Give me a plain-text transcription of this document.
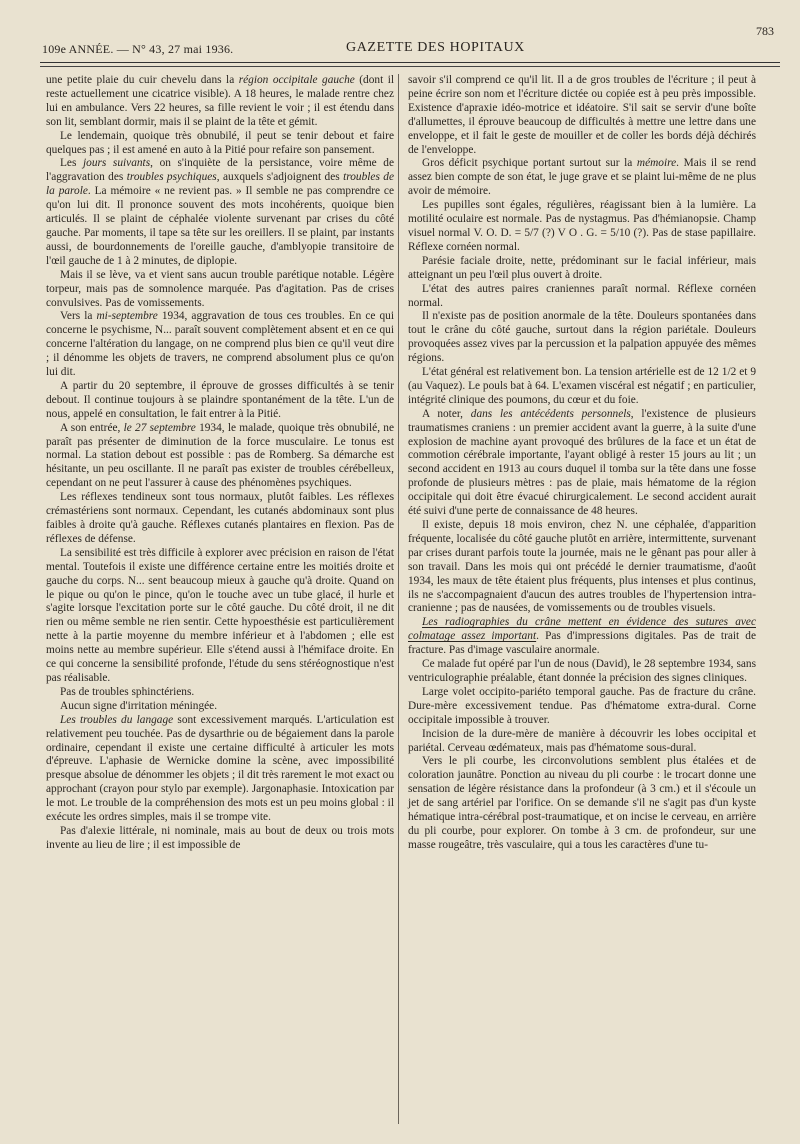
109e ANNÉE. — N° 43, 27 mai 1936.	GAZETTE DES HOPITAUX
783

une petite plaie du cuir chevelu dans la région occipitale gauche (dont il reste actuellement une cicatrice visible). A 18 heures, le malade rentre chez lui en ambulance. Vers 22 heures, sa fille revient le voir ; il est étendu dans son lit, semblant dormir, mais il se plaint de la tête et gémit.

Le lendemain, quoique très obnubilé, il peut se tenir debout et faire quelques pas ; il est amené en auto à la Pitié pour refaire son pansement.

Les jours suivants, on s'inquiète de la persistance, voire même de l'aggravation des troubles psychiques, auxquels s'adjoignent des troubles de la parole. La mémoire « ne revient pas. » Il semble ne pas comprendre ce qu'on lui dit. Il prononce souvent des mots incohérents, quoique bien articulés. Il se plaint de céphalée violente survenant par crises du côté gauche. Par moments, il tape sa tête sur les oreillers. Il se plaint, par instants aussi, de bourdonnements de l'oreille gauche, d'amblyopie transitoire de l'œil gauche de 1 à 2 minutes, de diplopie.

Mais il se lève, va et vient sans aucun trouble parétique notable. Légère torpeur, mais pas de somnolence marquée. Pas d'agitation. Pas de crises convulsives. Pas de vomissements.

Vers la mi-septembre 1934, aggravation de tous ces troubles. En ce qui concerne le psychisme, N... paraît souvent complètement absent et en ce qui concerne l'altération du langage, on ne comprend plus bien ce qu'il veut dire ; il dénomme les objets de travers, ne comprend absolument plus ce qu'on lui dit.

A partir du 20 septembre, il éprouve de grosses difficultés à se tenir debout. Il continue toujours à se plaindre spontanément de la tête. L'un de nous, appelé en consultation, le fait entrer à la Pitié.

A son entrée, le 27 septembre 1934, le malade, quoique très obnubilé, ne paraît pas présenter de diminution de la force musculaire. Le tonus est normal. La station debout est possible : pas de Romberg. Sa démarche est hésitante, un peu oscillante. Il ne paraît pas exister de troubles cérébelleux, cependant on ne peut l'assurer à cause des phénomènes psychiques.

Les réflexes tendineux sont tous normaux, plutôt faibles. Les réflexes crémastériens sont normaux. Cependant, les cutanés abdominaux sont plus faibles à droite qu'à gauche. Réflexes cutanés plantaires en flexion. Pas de réflexes de défense.

La sensibilité est très difficile à explorer avec précision en raison de l'état mental. Toutefois il existe une différence certaine entre les moitiés droite et gauche du corps. N... sent beaucoup mieux à gauche qu'à droite. Quand on le pique ou qu'on le pince, qu'on le touche avec un tube glacé, il hurle et s'agite lorsque l'excitation porte sur le côté gauche. Du côté droit, il ne dit rien ou même semble ne rien sentir. Cette hypoesthésie est particulièrement nette à la partie moyenne du membre inférieur et à l'abdomen ; elle est moins nette au membre supérieur. Elle s'étend aussi à l'hémiface droite. En ce qui concerne la sensibilité profonde, l'étude du sens stéréognostique n'est pas réalisable.

Pas de troubles sphinctériens.

Aucun signe d'irritation méningée.

Les troubles du langage sont excessivement marqués. L'articulation est relativement peu touchée. Pas de dysarthrie ou de bégaiement dans la parole ordinaire, cependant il existe une certaine difficulté à articuler les mots d'épreuve. L'aphasie de Wernicke domine la scène, avec impossibilité presque absolue de dénommer les objets ; il dit très rarement le mot exact ou approchant (crayon pour stylo par exemple). Jargonaphasie. Intoxication par le mot. Le trouble de la compréhension des mots est un peu moins global : il exécute les ordres simples, mais il se trompe vite.

Pas d'alexie littérale, ni nominale, mais au bout de deux ou trois mots invente au lieu de lire ; il est impossible de

savoir s'il comprend ce qu'il lit. Il a de gros troubles de l'écriture ; il peut à peine écrire son nom et l'écriture dictée ou copiée est à peu près impossible. Existence d'apraxie idéo-motrice et idéatoire. S'il sait se servir d'une boîte d'allumettes, il éprouve beaucoup de difficultés à mettre une lettre dans une enveloppe, et il fait le geste de mouiller et de coller les bords déjà déchirés de l'enveloppe.

Gros déficit psychique portant surtout sur la mémoire. Mais il se rend assez bien compte de son état, le juge grave et se plaint lui-même de ne plus avoir de mémoire.

Les pupilles sont égales, régulières, réagissant bien à la lumière. La motilité oculaire est normale. Pas de nystagmus. Pas d'hémianopsie. Champ visuel normal V. O. D. = 5/7 (?) V O . G. = 5/10 (?). Pas de stase papillaire. Réflexe cornéen normal.

Parésie faciale droite, nette, prédominant sur le facial inférieur, mais atteignant un peu l'œil plus ouvert à droite.

L'état des autres paires craniennes paraît normal. Réflexe cornéen normal.

Il n'existe pas de position anormale de la tête. Douleurs spontanées dans tout le crâne du côté gauche, surtout dans la région pariétale. Douleurs provoquées assez vives par la percussion et la palpation appuyée des mêmes régions.

L'état général est relativement bon. La tension artérielle est de 12 1/2 et 9 (au Vaquez). Le pouls bat à 64. L'examen viscéral est négatif ; en particulier, intégrité clinique des poumons, du cœur et du foie.

A noter, dans les antécédents personnels, l'existence de plusieurs traumatismes craniens : un premier accident avant la guerre, à la suite d'une explosion de machine ayant provoqué des brûlures de la face et un état de commotion cérébrale importante, l'ayant obligé à rester 15 jours au lit ; un second accident en 1913 au cours duquel il tomba sur la tête dans une fosse profonde de plusieurs mètres : pas de plaie, mais hématome de la région occipitale qui doit être évacué chirurgicalement. Le second accident aurait été suivi d'une perte de connaissance de 48 heures.

Il existe, depuis 18 mois environ, chez N. une céphalée, d'apparition fréquente, localisée du côté gauche plutôt en arrière, intermittente, survenant par crises durant parfois toute la journée, mais ne le gênant pas pour aller à son travail. Dans les mois qui ont précédé le dernier traumatisme, d'août 1934, les maux de tête étaient plus fréquents, plus intenses et plus continus, ils ne s'accompagnaient d'aucun des autres troubles de l'hypertension intra-cranienne ; pas de nausées, de vomissements ou de troubles visuels.

Les radiographies du crâne mettent en évidence des sutures avec colmatage assez important. Pas d'impressions digitales. Pas de trait de fracture. Pas d'image vasculaire anormale.

Ce malade fut opéré par l'un de nous (David), le 28 septembre 1934, sans ventriculographie préalable, étant donnée la précision des signes cliniques.

Large volet occipito-pariéto temporal gauche. Pas de fracture du crâne. Dure-mère excessivement tendue. Pas d'hématome extra-dural. Corne occipitale impossible à trouver.

Incision de la dure-mère de manière à découvrir les lobes occipital et pariétal. Cerveau œdémateux, mais pas d'hématome sous-dural.

Vers le pli courbe, les circonvolutions semblent plus étalées et de coloration jaunâtre. Ponction au niveau du pli courbe : le trocart donne une sensation de légère résistance dans la profondeur (à 3 cm.) et il s'écoule un jet de sang artériel par l'orifice. On se demande s'il ne s'agit pas d'un kyste hématique intra-cérébral post-traumatique, et on incise le cerveau, en arrière du pli courbe, pour explorer. On tombe à 3 cm. de profondeur, sur une masse rougeâtre, très vasculaire, qui a tous les caractères d'une tu-
